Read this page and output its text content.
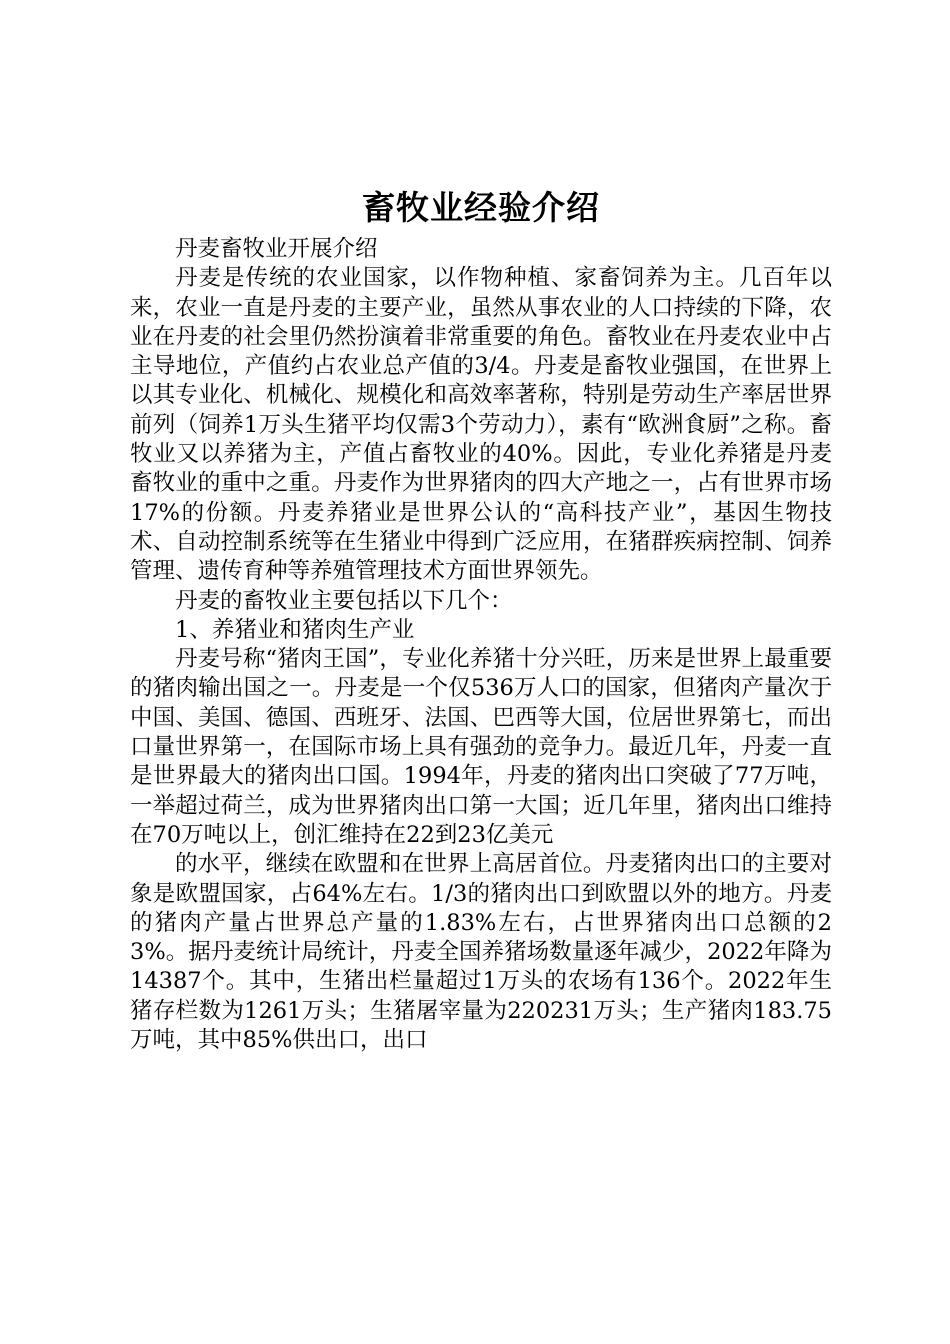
畜牧业经验介绍

丹麦畜牧业开展介绍

丹麦是传统的农业国家，以作物种植、家畜饲养为主。几百年以来，农业一直是丹麦的主要产业，虽然从事农业的人口持续的下降，农业在丹麦的社会里仍然扮演着非常重要的角色。畜牧业在丹麦农业中占主导地位，产值约占农业总产值的3/4。丹麦是畜牧业强国，在世界上以其专业化、机械化、规模化和高效率著称，特别是劳动生产率居世界前列（饲养1万头生猪平均仅需3个劳动力），素有“欧洲食厨”之称。畜牧业又以养猪为主，产值占畜牧业的40%。因此，专业化养猪是丹麦畜牧业的重中之重。丹麦作为世界猪肉的四大产地之一，占有世界市场17%的份额。丹麦养猪业是世界公认的“高科技产业”，基因生物技术、自动控制系统等在生猪业中得到广泛应用，在猪群疾病控制、饲养管理、遗传育种等养殖管理技术方面世界领先。

丹麦的畜牧业主要包括以下几个：

1、养猪业和猪肉生产业

丹麦号称“猪肉王国”，专业化养猪十分兴旺，历来是世界上最重要的猪肉输出国之一。丹麦是一个仅536万人口的国家，但猪肉产量次于中国、美国、德国、西班牙、法国、巴西等大国，位居世界第七，而出口量世界第一，在国际市场上具有强劲的竞争力。最近几年，丹麦一直是世界最大的猪肉出口国。1994年，丹麦的猪肉出口突破了77万吨，一举超过荷兰，成为世界猪肉出口第一大国；近几年里，猪肉出口维持在70万吨以上，创汇维持在22到23亿美元

的水平，继续在欧盟和在世界上高居首位。丹麦猪肉出口的主要对象是欧盟国家，占64%左右。1/3的猪肉出口到欧盟以外的地方。丹麦的猪肉产量占世界总产量的1.83%左右，占世界猪肉出口总额的23%。据丹麦统计局统计，丹麦全国养猪场数量逐年减少，2022年降为14387个。其中，生猪出栏量超过1万头的农场有136个。2022年生猪存栏数为1261万头；生猪屠宰量为220231万头；生产猪肉183.75万吨，其中85%供出口，出口
